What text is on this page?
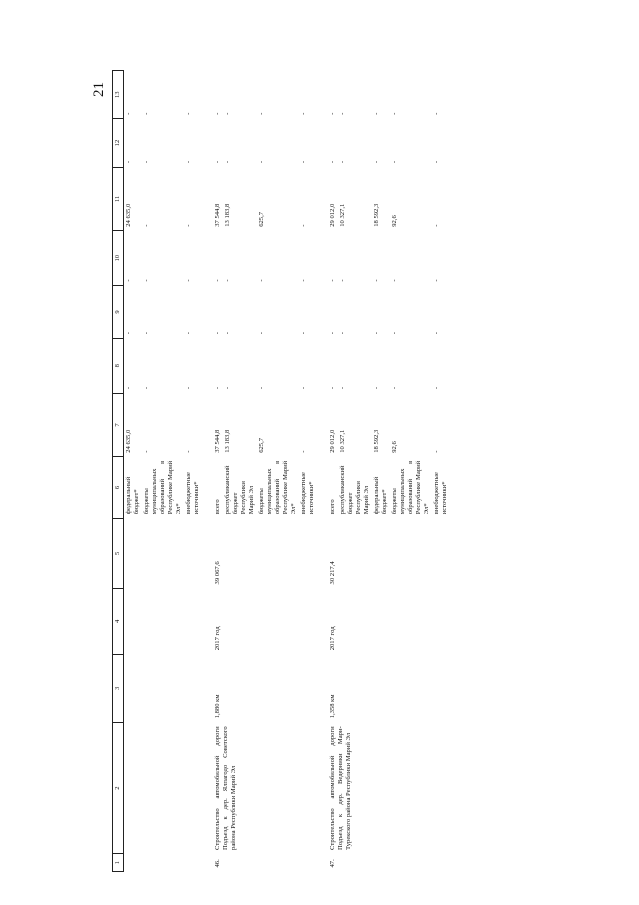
21
1	2	3	4	5	6	7	8	9	10	11	12	13
					федеральный бюджет*	24 635,0	-	-	-	24 635,0	-	-
					бюджеты муниципальных образований в Республике Марий Эл*	-	-	-	-	-	-	-
					внебюджетные источники*	-	-	-	-	-	-	-
46.	Строительство автомобильной дороги Подъезд к дер. Ялпагодо Советского района Республики Марий Эл	1,880 км	2017 год	39 067,6	всего	37 544,8	-	-	-	37 544,8	-	-
					республиканский бюджет Республики Марий Эл	13 183,8	-	-	-	13 183,8	-	-
					бюджеты муниципальных образований в Республике Марий Эл*	625,7	-	-	-	625,7	-	-
					внебюджетные источники*	-	-	-	-	-	-	-
47.	Строительство автомобильной дороги Подъезд к дер. Ведерники Мари-Турекского района Республики Марий Эл	1,358 км	2017 год	30 217,4	всего	29 012,0	-	-	-	29 012,0	-	-
					республиканский бюджет Республики Марий Эл	10 327,1	-	-	-	10 327,1	-	-
					федеральный бюджет*	18 592,3	-	-	-	18 592,3	-	-
					бюджеты муниципальных образований в Республике Марий Эл*	92,6	-	-	-	92,6	-	-
					внебюджетные источники*	-	-	-	-	-	-	-
